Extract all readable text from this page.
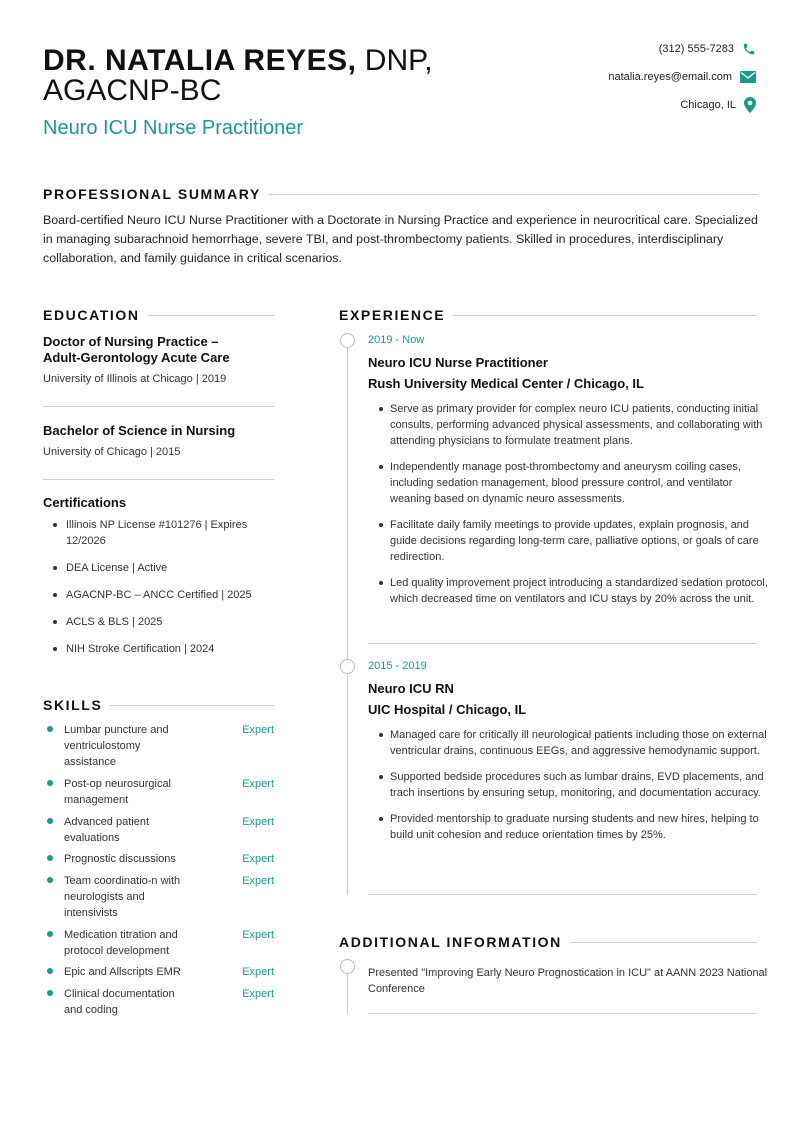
DR. NATALIA REYES, DNP,
AGACNP-BC
Neuro ICU Nurse Practitioner
(312) 555-7283
natalia.reyes@email.com
Chicago, IL
PROFESSIONAL SUMMARY
Board-certified Neuro ICU Nurse Practitioner with a Doctorate in Nursing Practice and experience in neurocritical care. Specialized in managing subarachnoid hemorrhage, severe TBI, and post-thrombectomy patients. Skilled in procedures, interdisciplinary collaboration, and family guidance in critical scenarios.
EDUCATION
Doctor of Nursing Practice –
Adult-Gerontology Acute Care
University of Illinois at Chicago | 2019
Bachelor of Science in Nursing
University of Chicago | 2015
Certifications
Illinois NP License #101276 | Expires 12/2026
DEA License | Active
AGACNP-BC – ANCC Certified | 2025
ACLS & BLS | 2025
NIH Stroke Certification | 2024
SKILLS
Lumbar puncture and ventriculostomy assistance
Expert
Post-op neurosurgical management
Expert
Advanced patient evaluations
Expert
Prognostic discussions	Expert
Team coordinatio-n with neurologists and intensivists
Expert
Medication titration and protocol development
Expert
Epic and Allscripts EMR	Expert
Clinical documentation and coding
Expert
EXPERIENCE
2019 - Now
Neuro ICU Nurse Practitioner
Rush University Medical Center / Chicago, IL
Serve as primary provider for complex neuro ICU patients, conducting initial consults, performing advanced physical assessments, and collaborating with attending physicians to formulate treatment plans.
Independently manage post-thrombectomy and aneurysm coiling cases, including sedation management, blood pressure control, and ventilator weaning based on dynamic neuro assessments.
Facilitate daily family meetings to provide updates, explain prognosis, and guide decisions regarding long-term care, palliative options, or goals of care redirection.
Led quality improvement project introducing a standardized sedation protocol, which decreased time on ventilators and ICU stays by 20% across the unit.
2015 - 2019
Neuro ICU RN
UIC Hospital / Chicago, IL
Managed care for critically ill neurological patients including those on external ventricular drains, continuous EEGs, and aggressive hemodynamic support.
Supported bedside procedures such as lumbar drains, EVD placements, and trach insertions by ensuring setup, monitoring, and documentation accuracy.
Provided mentorship to graduate nursing students and new hires, helping to build unit cohesion and reduce orientation times by 25%.
ADDITIONAL INFORMATION
Presented "Improving Early Neuro Prognostication in ICU" at AANN 2023 National Conference
